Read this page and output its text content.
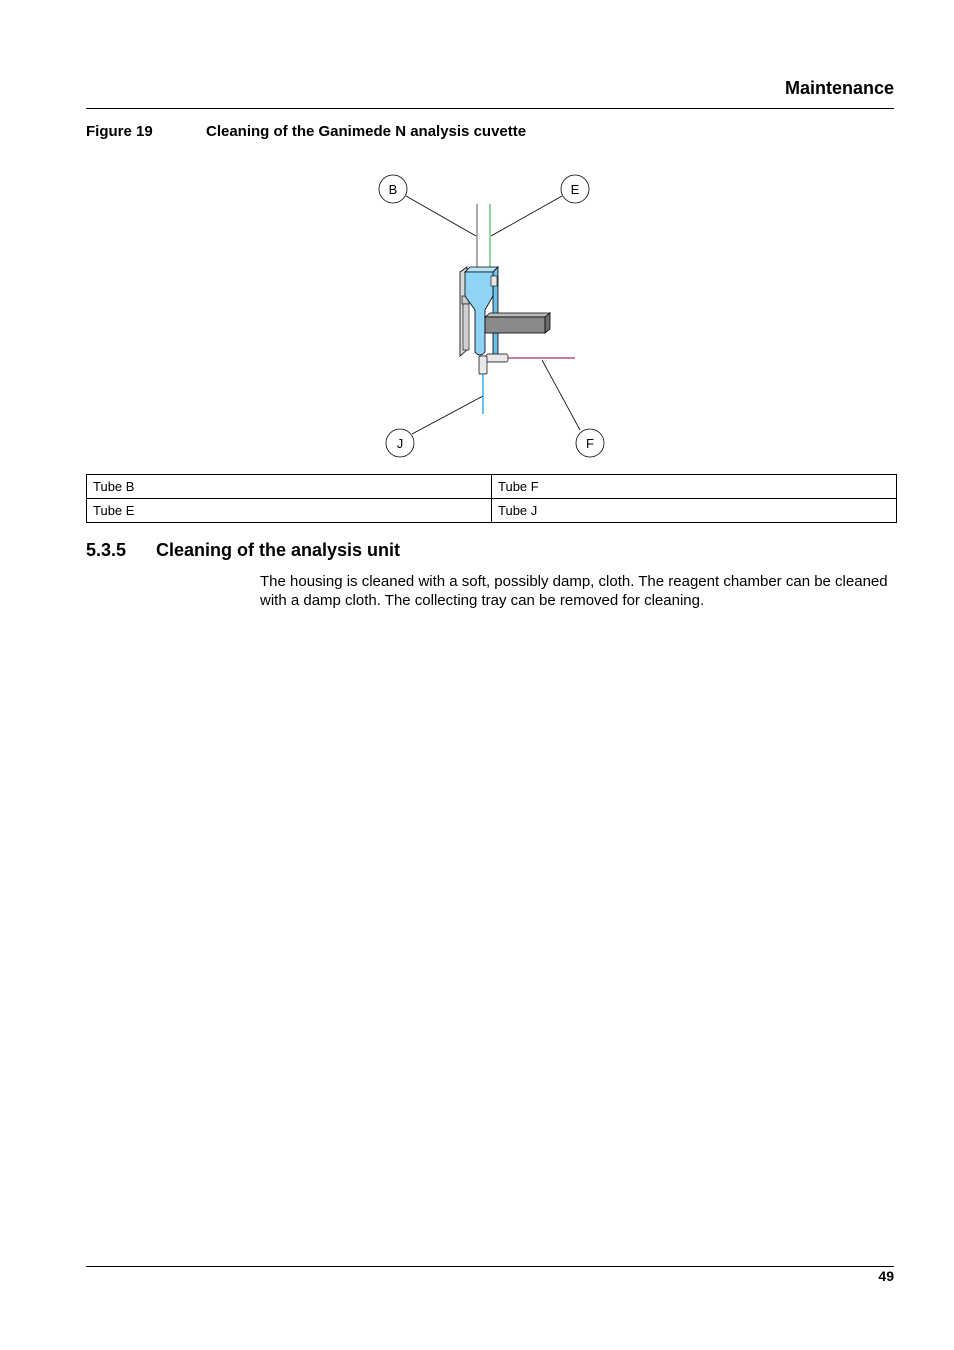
Maintenance
Figure 19	Cleaning of the Ganimede N analysis cuvette
B	E
J	F
Tube B	Tube F
Tube E	Tube J
5.3.5 Cleaning of the analysis unit
The housing is cleaned with a soft, possibly damp, cloth. The reagent chamber can be cleaned with a damp cloth. The collecting tray can be removed for cleaning.
49
